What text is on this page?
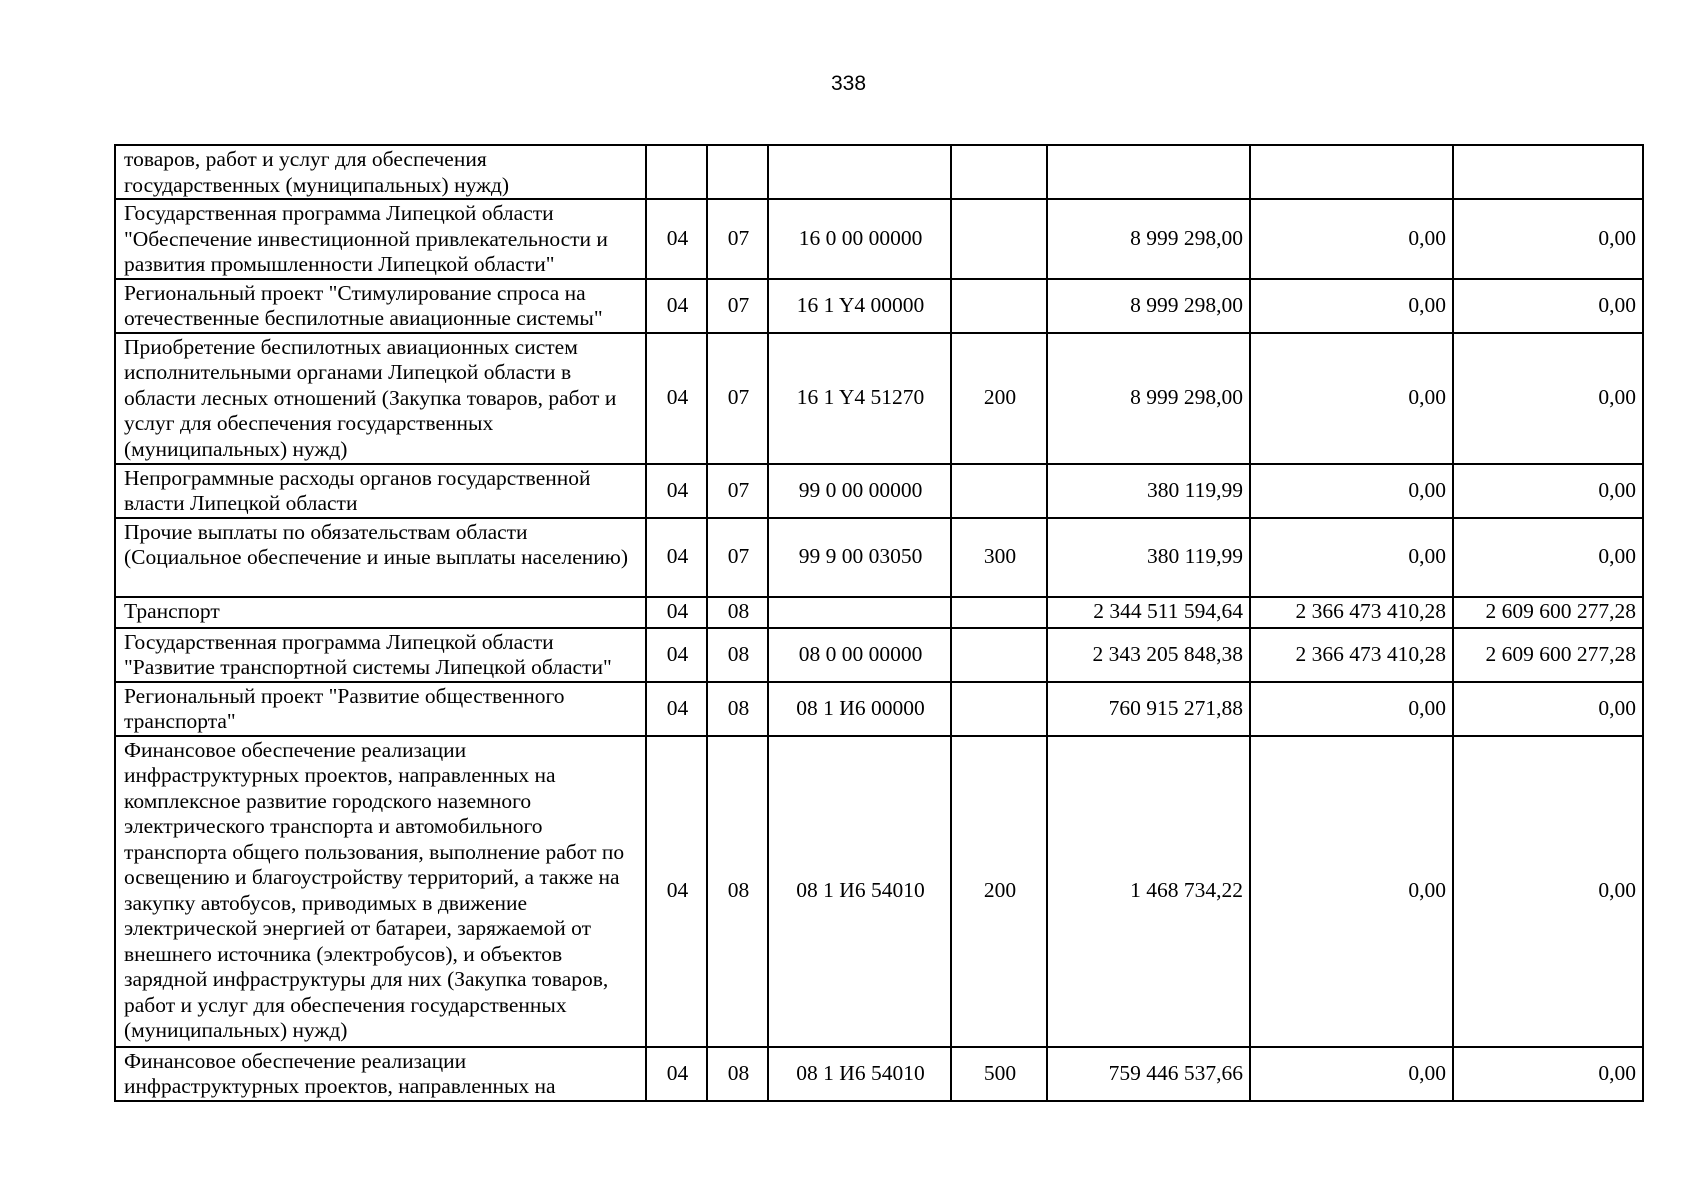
338
товаров, работ и услуг для обеспечения государственных (муниципальных) нужд)							
Государственная программа Липецкой области "Обеспечение инвестиционной привлекательности и развития промышленности Липецкой области"	04	07	16 0 00 00000		8 999 298,00	0,00	0,00
Региональный проект "Стимулирование спроса на отечественные беспилотные авиационные системы"	04	07	16 1 Y4 00000		8 999 298,00	0,00	0,00
Приобретение беспилотных авиационных систем исполнительными органами Липецкой области в области лесных отношений (Закупка товаров, работ и услуг для обеспечения государственных (муниципальных) нужд)	04	07	16 1 Y4 51270	200	8 999 298,00	0,00	0,00
Непрограммные расходы органов государственной власти Липецкой области	04	07	99 0 00 00000		380 119,99	0,00	0,00
Прочие выплаты по обязательствам области (Социальное обеспечение и иные выплаты населению)	04	07	99 9 00 03050	300	380 119,99	0,00	0,00
Транспорт	04	08			2 344 511 594,64	2 366 473 410,28	2 609 600 277,28
Государственная программа Липецкой области "Развитие транспортной системы Липецкой области"	04	08	08 0 00 00000		2 343 205 848,38	2 366 473 410,28	2 609 600 277,28
Региональный проект "Развитие общественного транспорта"	04	08	08 1 И6 00000		760 915 271,88	0,00	0,00
Финансовое обеспечение реализации инфраструктурных проектов, направленных на комплексное развитие городского наземного электрического транспорта и автомобильного транспорта общего пользования, выполнение работ по освещению и благоустройству территорий, а также на закупку автобусов, приводимых в движение электрической энергией от батареи, заряжаемой от внешнего источника (электробусов), и объектов зарядной инфраструктуры для них (Закупка товаров, работ и услуг для обеспечения государственных (муниципальных) нужд)	04	08	08 1 И6 54010	200	1 468 734,22	0,00	0,00
Финансовое обеспечение реализации инфраструктурных проектов, направленных на	04	08	08 1 И6 54010	500	759 446 537,66	0,00	0,00
